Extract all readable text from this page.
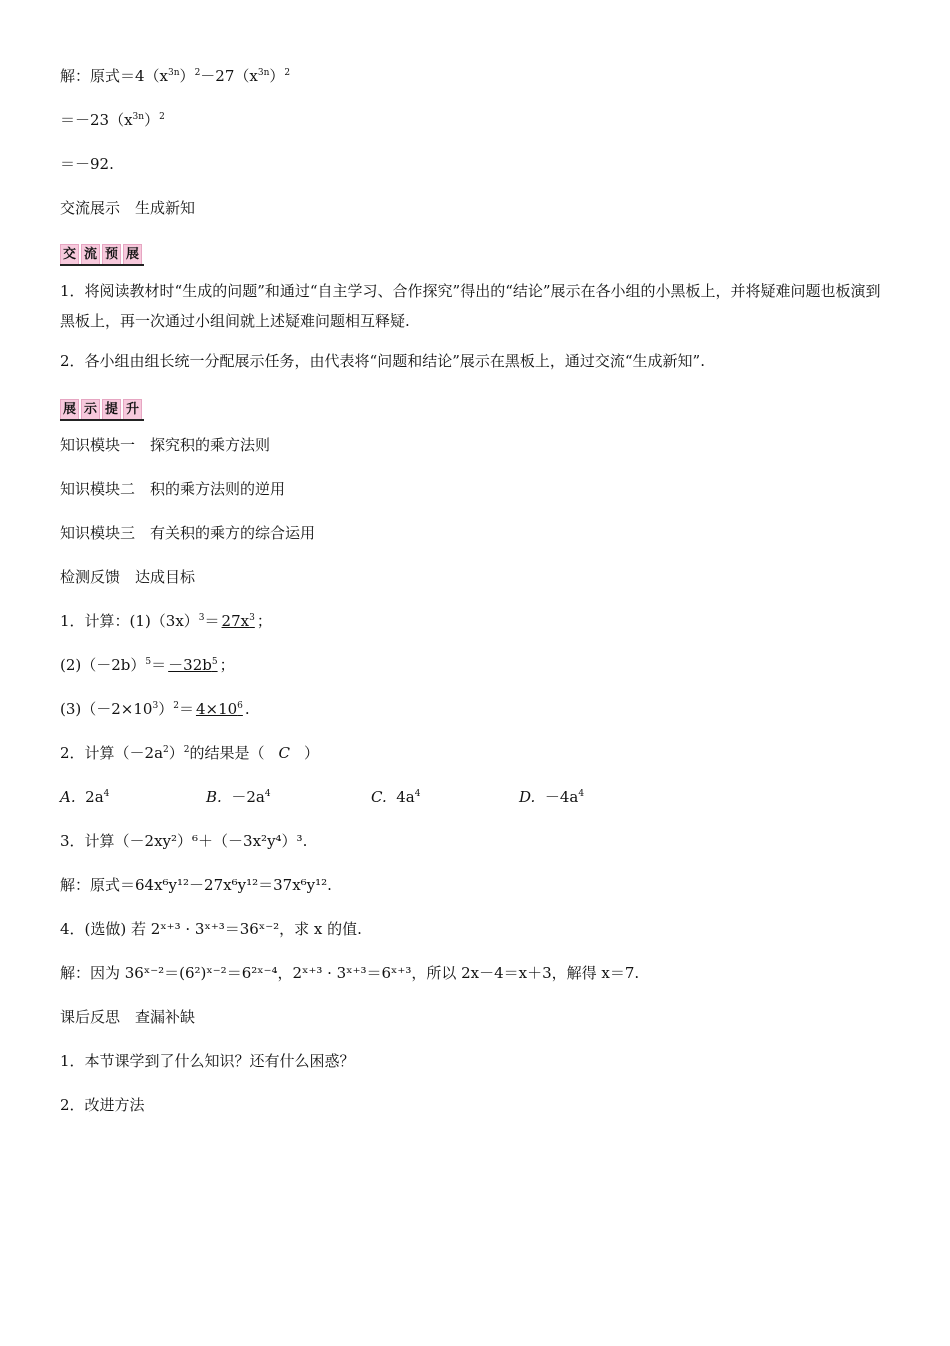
解：原式$=4(x^{3n})^2-27(x^{3n})^2$
$=-23(x^{3n})^2$
＝－92.
交流展示　生成新知
交 流 预 展
1．将阅读教材时“生成的问题”和通过“自主学习、合作探究”得出的“结论”展示在各小组的小黑板上，并将疑难问题也板演到黑板上，再一次通过小组间就上述疑难问题相互释疑.
2．各小组由组长统一分配展示任务，由代表将“问题和结论”展示在黑板上，通过交流“生成新知”.
展 示 提 升
知识模块一　探究积的乘方法则
知识模块二　积的乘方法则的逆用
知识模块三　有关积的乘方的综合运用
检测反馈　达成目标
1．计算：$(1)(3x)^3= 27x^3$ ；
$(2)(-2b)^5= -32b^5$ ；
$(3)(-2\times 10^3)^2= 4\times 10^6$ .
2．计算$(-2a^2)^2$的结果是（ C ）
A. $2a^4$	B. $-2a^4$	C. $4a^4$	D. $-4a^4$
3．计算（－2xy²）⁶＋（－3x²y⁴）³.
解：原式＝64x⁶y¹²－27x⁶y¹²＝37x⁶y¹².
4．(选做) 若 2ˣ⁺³ · 3ˣ⁺³＝36ˣ⁻²，求 x 的值.
解：因为 36ˣ⁻²＝(6²)ˣ⁻²＝6²ˣ⁻⁴，2ˣ⁺³ · 3ˣ⁺³＝6ˣ⁺³，所以 2x－4＝x＋3，解得 x＝7.
课后反思　查漏补缺
1．本节课学到了什么知识？还有什么困惑？
2．改进方法
